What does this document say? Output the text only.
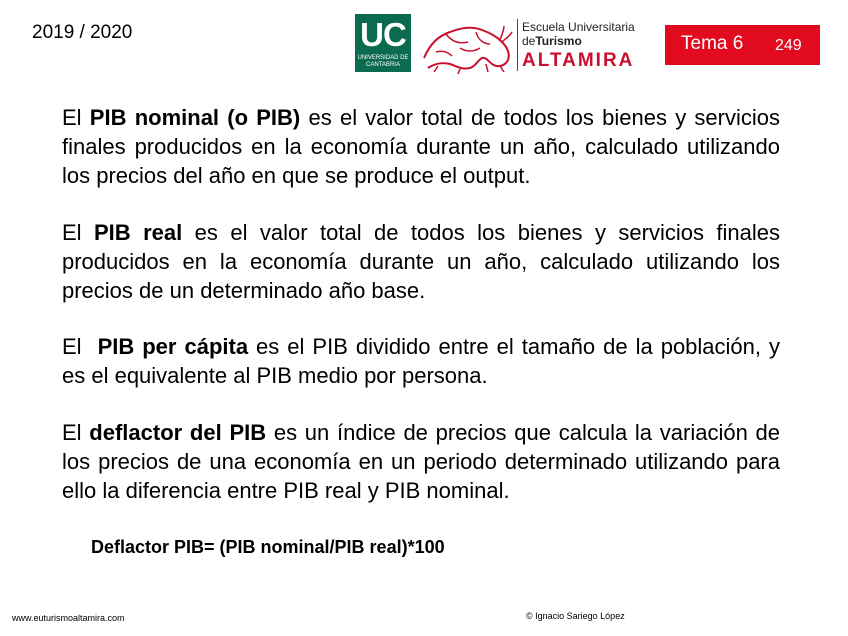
2019 / 2020	UC
UNIVERSIDAD DE CANTABRIA
Escuela Universitaria
deTurismo
ALTAMIRA
Tema 6 249

El PIB nominal (o PIB) es el valor total de todos los bienes y servicios finales producidos en la economía durante un año, calculado utilizando los precios del año en que se produce el output.

El PIB real es el valor total de todos los bienes y servicios finales producidos en la economía durante un año, calculado utilizando los precios de un determinado año base.

El  PIB per cápita es el PIB dividido entre el tamaño de la población, y es el equivalente al PIB medio por persona.

El deflactor del PIB es un índice de precios que calcula la variación de los precios de una economía en un periodo determinado utilizando para ello la diferencia entre PIB real y PIB nominal.

Deflactor PIB= (PIB nominal/PIB real)*100
www.euturismoaltamira.com	© Ignacio Sariego López
